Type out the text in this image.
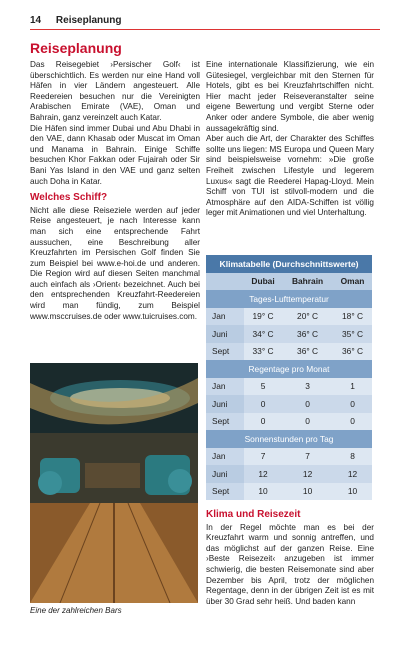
14 Reiseplanung
Reiseplanung

Das Reisegebiet ›Persischer Golf‹ ist überschichtlich. Es werden nur eine Hand voll Häfen in vier Ländern angesteuert. Alle Reedereien besuchen nur die Vereinigten Arabischen Emirate (VAE), Oman und Bahrain, ganz vereinzelt auch Katar.

Die Häfen sind immer Dubai und Abu Dhabi in den VAE, dann Khasab oder Muscat im Oman und Manama in Bahrain. Einige Schiffe besuchen Khor Fakkan oder Fujairah oder Sir Bani Yas Island in den VAE und ganz selten auch Doha in Katar.

Welches Schiff?

Nicht alle diese Reiseziele werden auf jeder Reise angesteuert, je nach Interesse kann man sich eine entsprechende Fahrt aussuchen, eine Beschreibung aller Kreuzfahrten im Persischen Golf finden Sie zum Beispiel bei www.e-hoi.de und anderen. Die Region wird auf diesen Seiten manchmal auch einfach als ›Orient‹ bezeichnet. Auch bei den entsprechenden Kreuzfahrt-Reedereien wird man fündig, zum Beispiel www.msccruises.de oder www.tuicruises.com.

Eine internationale Klassifizierung, wie ein Gütesiegel, vergleichbar mit den Sternen für Hotels, gibt es bei Kreuzfahrtschiffen nicht. Hier macht jeder Reiseveranstalter seine eigene Bewertung und vergibt Sterne oder Anker oder andere Symbole, die aber wenig aussagekräftig sind.

Aber auch die Art, der Charakter des Schiffes sollte uns liegen: MS Europa und Queen Mary sind beispielsweise vornehm: »Die große Freiheit zwischen Lifestyle und legerem Luxus« sagt die Reederei Hapag-Lloyd. Mein Schiff von TUI ist stilvoll-modern und die Atmosphäre auf den AIDA-Schiffen ist völlig leger mit Animationen und viel Unterhaltung.

Eine der zahlreichen Bars
Klimatabelle (Durchschnittswerte)			
	Dubai	Bahrain	Oman
Tages-Lufttemperatur			
Jan	19° C	20° C	18° C
Juni	34° C	36° C	35° C
Sept	33° C	36° C	36° C
Regentage pro Monat			
Jan	5	3	1
Juni	0	0	0
Sept	0	0	0
Sonnenstunden pro Tag			
Jan	7	7	8
Juni	12	12	12
Sept	10	10	10
Klima und Reisezeit

In der Regel möchte man es bei der Kreuzfahrt warm und sonnig antreffen, und das möglichst auf der ganzen Reise. Eine ›Beste Reisezeit‹ anzugeben ist immer schwierig, die besten Reisemonate sind aber Dezember bis April, trotz der möglichen Regentage, denn in der übrigen Zeit ist es mit über 30 Grad sehr heiß. Und baden kann
